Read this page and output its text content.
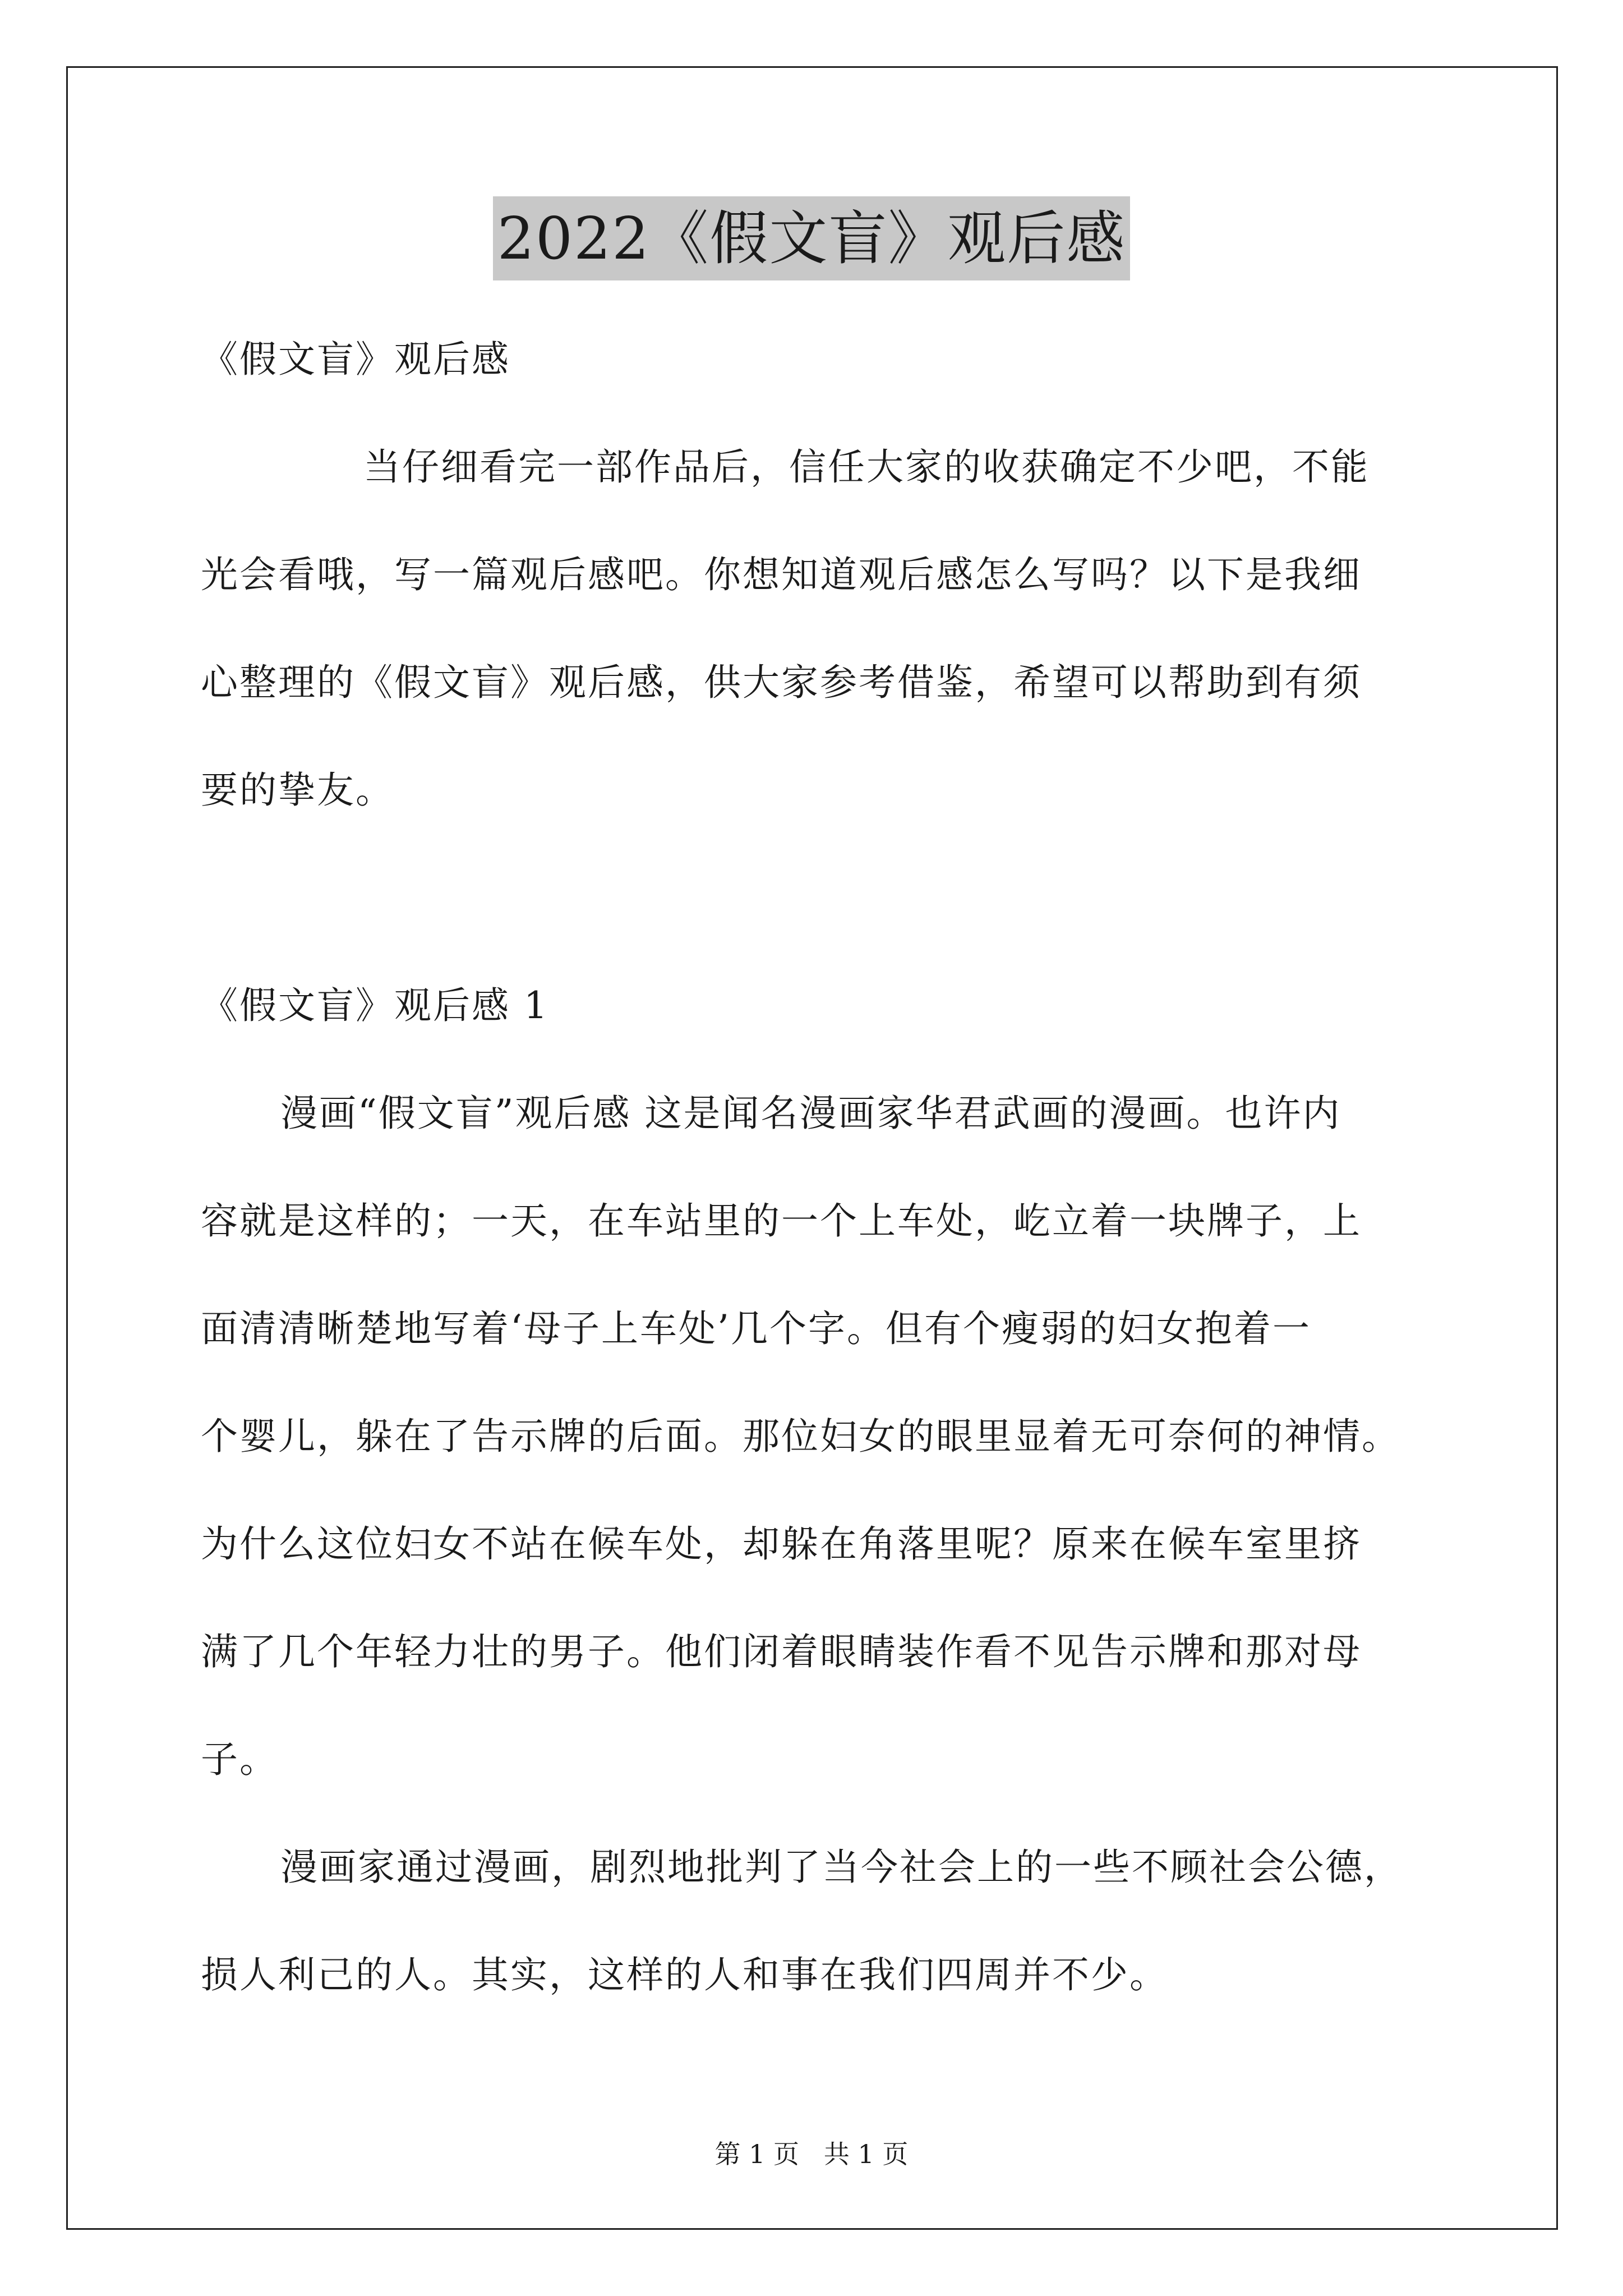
2022《假文盲》观后感
《假文盲》观后感
当仔细看完一部作品后，信任大家的收获确定不少吧，不能
光会看哦，写一篇观后感吧。你想知道观后感怎么写吗？以下是我细
心整理的《假文盲》观后感，供大家参考借鉴，希望可以帮助到有须
要的挚友。
《假文盲》观后感 1
漫画“假文盲”观后感 这是闻名漫画家华君武画的漫画。也许内
容就是这样的；一天，在车站里的一个上车处，屹立着一块牌子，上
面清清晰楚地写着‘母子上车处’几个字。但有个瘦弱的妇女抱着一
个婴儿，躲在了告示牌的后面。那位妇女的眼里显着无可奈何的神情。
为什么这位妇女不站在候车处，却躲在角落里呢？原来在候车室里挤
满了几个年轻力壮的男子。他们闭着眼睛装作看不见告示牌和那对母
子。
漫画家通过漫画，剧烈地批判了当今社会上的一些不顾社会公德，
损人利己的人。其实，这样的人和事在我们四周并不少。
第 1 页   共 1 页
